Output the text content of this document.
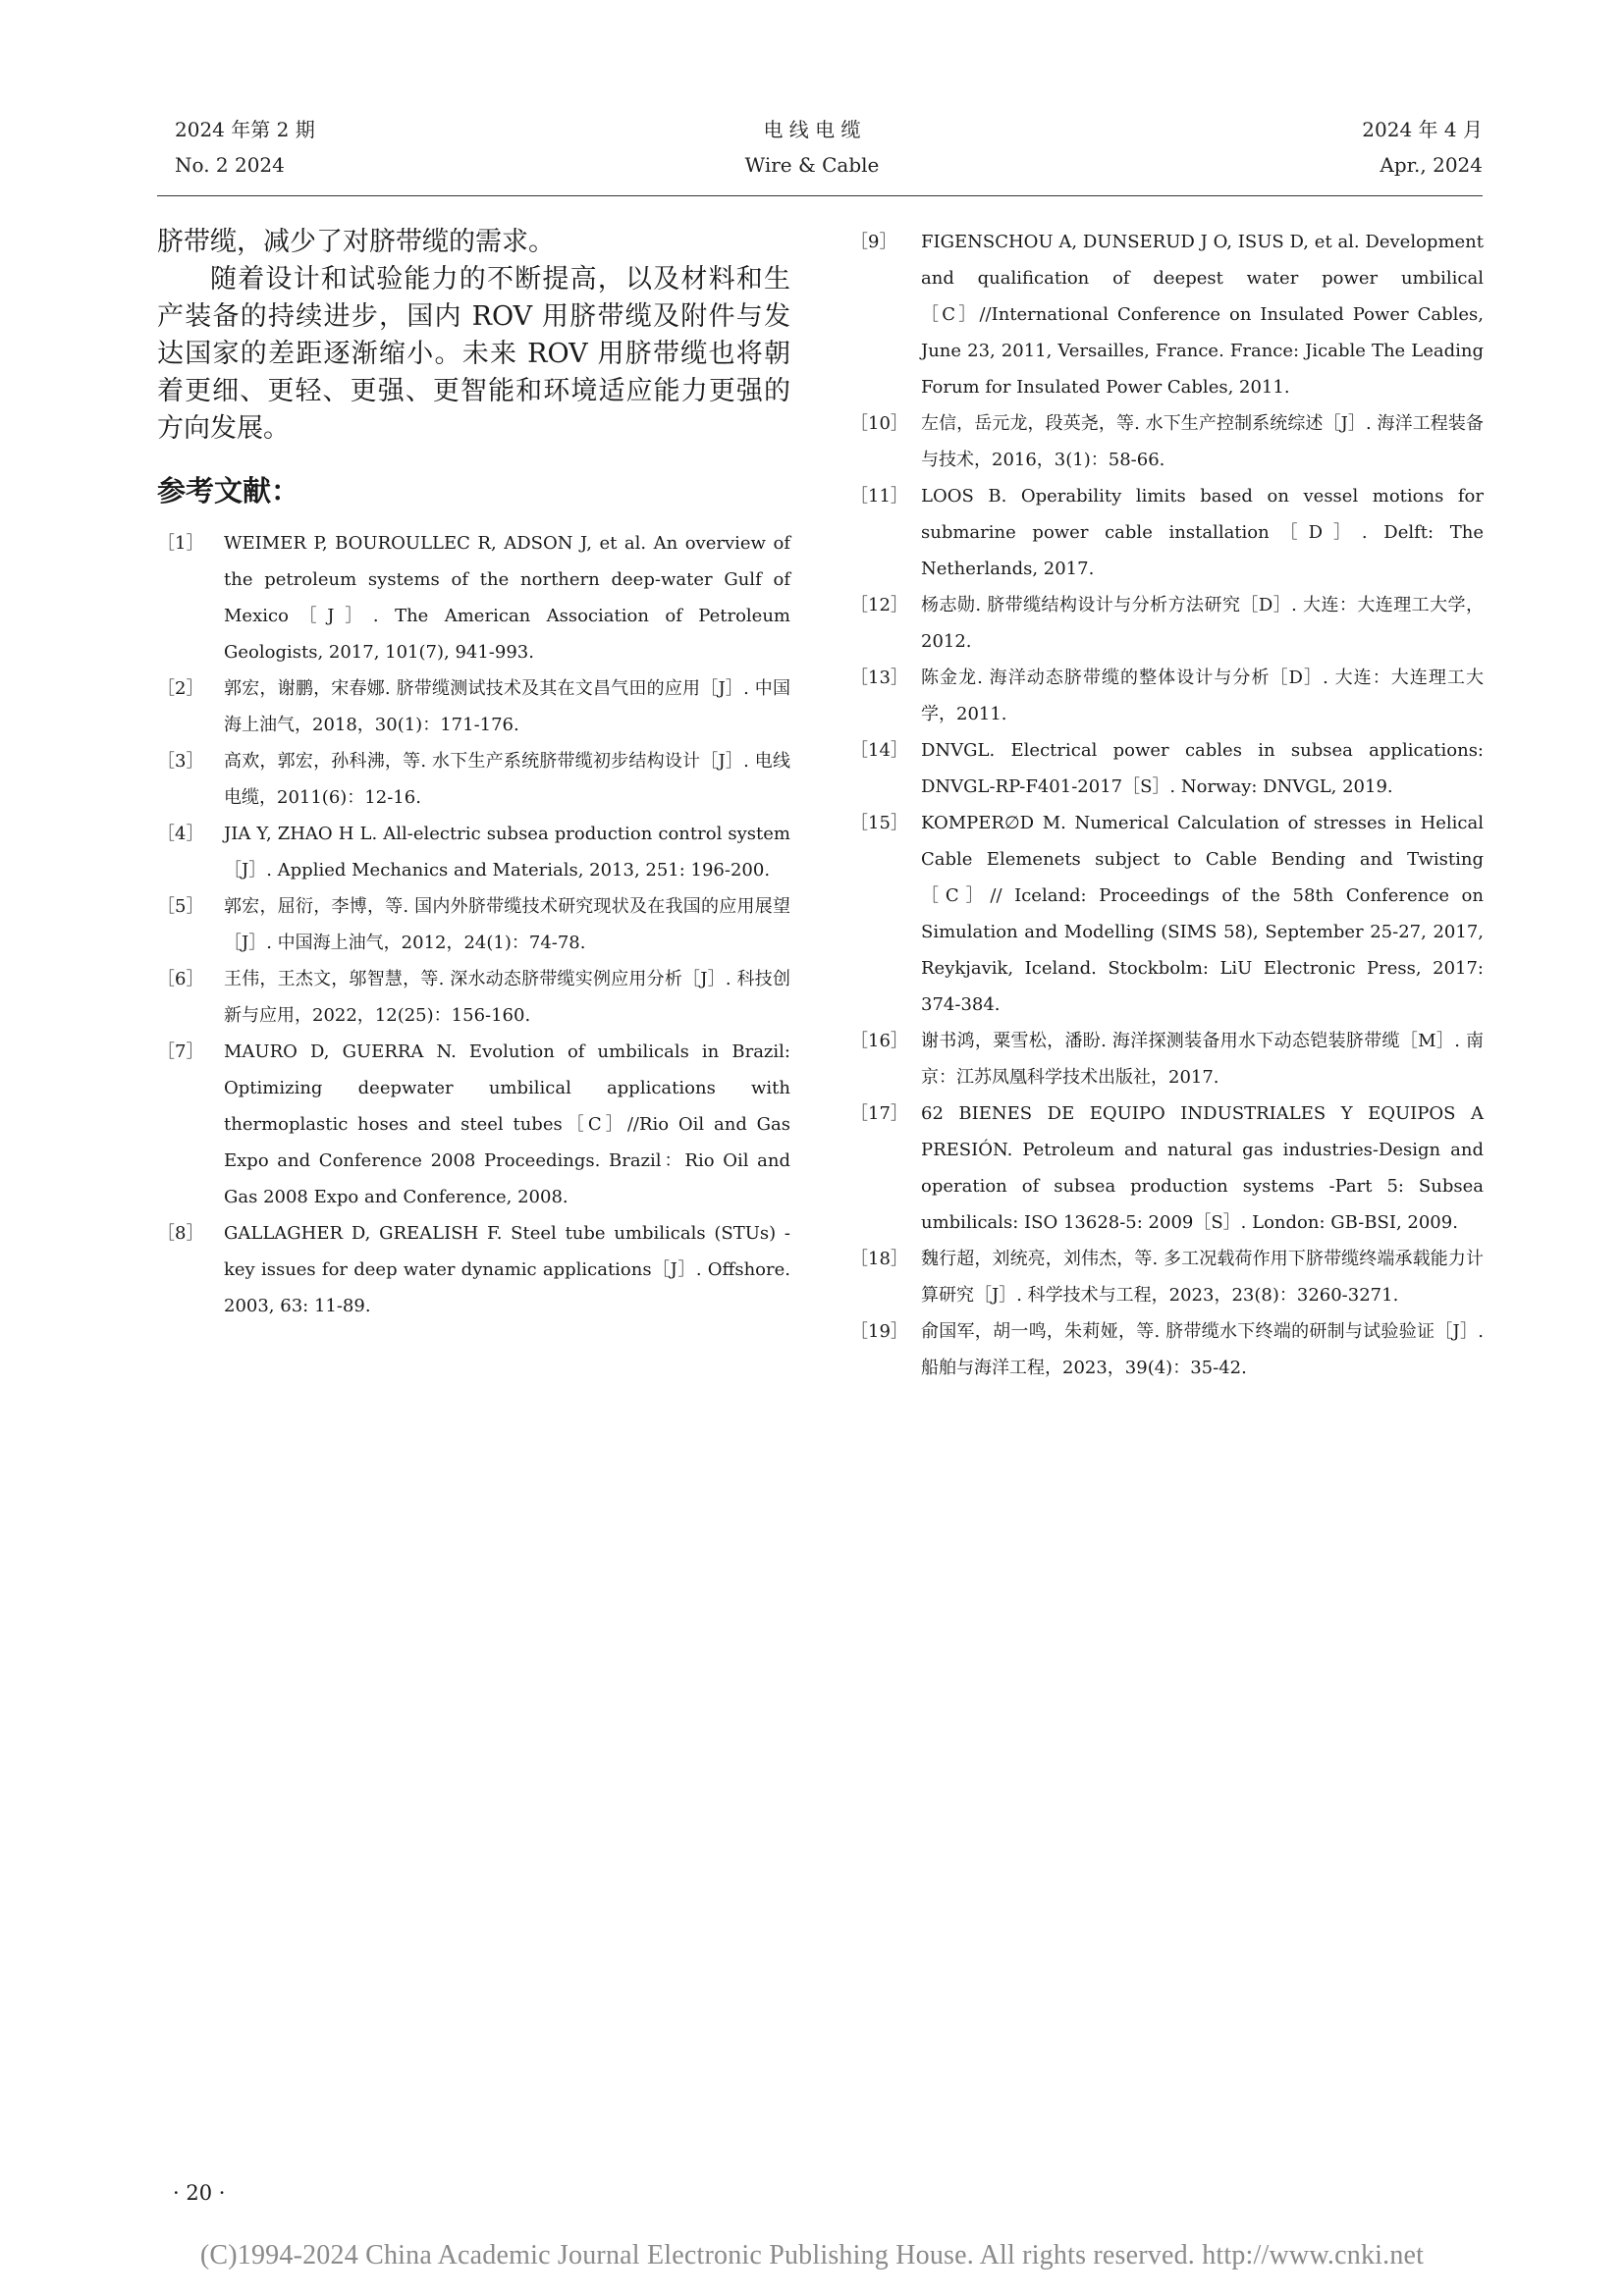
2024 年第 2 期
No. 2 2024
电 线 电 缆
Wire & Cable
2024 年 4 月
Apr., 2024

脐带缆，减少了对脐带缆的需求。

随着设计和试验能力的不断提高，以及材料和生产装备的持续进步，国内 ROV 用脐带缆及附件与发达国家的差距逐渐缩小。未来 ROV 用脐带缆也将朝着更细、更轻、更强、更智能和环境适应能力更强的方向发展。

参考文献：
［1］	WEIMER P, BOUROULLEC R, ADSON J, et al. An overview of the petroleum systems of the northern deep-water Gulf of Mexico［J］. The American Association of Petroleum Geologists, 2017, 101(7), 941-993.
［2］	郭宏，谢鹏，宋春娜. 脐带缆测试技术及其在文昌气田的应用［J］. 中国海上油气，2018，30(1)：171-176.
［3］	高欢，郭宏，孙科沸，等. 水下生产系统脐带缆初步结构设计［J］. 电线电缆，2011(6)：12-16.
［4］	JIA Y, ZHAO H L. All-electric subsea production control system［J］. Applied Mechanics and Materials, 2013, 251: 196-200.
［5］	郭宏，屈衍，李博，等. 国内外脐带缆技术研究现状及在我国的应用展望［J］. 中国海上油气，2012，24(1)：74-78.
［6］	王伟，王杰文，邬智慧，等. 深水动态脐带缆实例应用分析［J］. 科技创新与应用，2022，12(25)：156-160.
［7］	MAURO D, GUERRA N. Evolution of umbilicals in Brazil: Optimizing deepwater umbilical applications with thermoplastic hoses and steel tubes［C］//Rio Oil and Gas Expo and Conference 2008 Proceedings. Brazil：Rio Oil and Gas 2008 Expo and Conference, 2008.
［8］	GALLAGHER D, GREALISH F. Steel tube umbilicals (STUs) - key issues for deep water dynamic applications［J］. Offshore. 2003, 63: 11-89.
［9］	FIGENSCHOU A, DUNSERUD J O, ISUS D, et al. Development and qualification of deepest water power umbilical［C］//International Conference on Insulated Power Cables, June 23, 2011, Versailles, France. France: Jicable The Leading Forum for Insulated Power Cables, 2011.
［10］ 左信，岳元龙，段英尧，等. 水下生产控制系统综述［J］. 海洋工程装备与技术，2016，3(1)：58-66.
［11］ LOOS B. Operability limits based on vessel motions for submarine power cable installation［D］. Delft: The Netherlands, 2017.
［12］ 杨志勋. 脐带缆结构设计与分析方法研究［D］. 大连：大连理工大学，2012.
［13］ 陈金龙. 海洋动态脐带缆的整体设计与分析［D］. 大连：大连理工大学，2011.
［14］ DNVGL. Electrical power cables in subsea applications: DNVGL-RP-F401-2017［S］. Norway: DNVGL, 2019.
［15］ KOMPER∅D M. Numerical Calculation of stresses in Helical Cable Elemenets subject to Cable Bending and Twisting［C］// Iceland: Proceedings of the 58th Conference on Simulation and Modelling (SIMS 58), September 25-27, 2017, Reykjavik, Iceland. Stockbolm: LiU Electronic Press, 2017: 374-384.
［16］ 谢书鸿，粟雪松，潘盼. 海洋探测装备用水下动态铠装脐带缆［M］. 南京：江苏凤凰科学技术出版社，2017.
［17］ 62 BIENES DE EQUIPO INDUSTRIALES Y EQUIPOS A PRESIÓN. Petroleum and natural gas industries-Design and operation of subsea production systems -Part 5: Subsea umbilicals: ISO 13628-5: 2009［S］. London: GB-BSI, 2009.
［18］ 魏行超，刘统亮，刘伟杰，等. 多工况载荷作用下脐带缆终端承载能力计算研究［J］. 科学技术与工程，2023，23(8)：3260-3271.
［19］ 俞国军，胡一鸣，朱莉娅，等. 脐带缆水下终端的研制与试验验证［J］. 船舶与海洋工程，2023，39(4)：35-42.
· 20 ·
(C)1994-2024 China Academic Journal Electronic Publishing House. All rights reserved. http://www.cnki.net
